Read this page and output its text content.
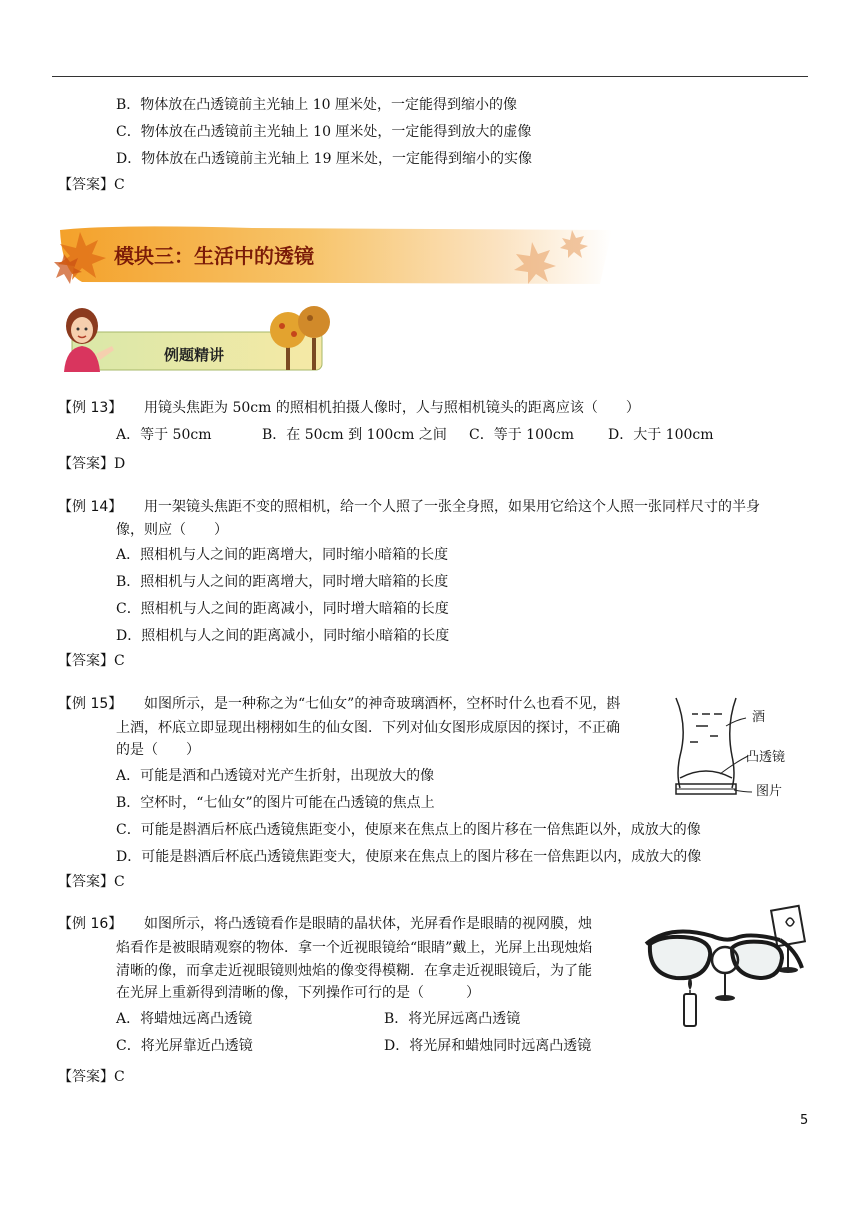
B．物体放在凸透镜前主光轴上 10 厘米处，一定能得到缩小的像
C．物体放在凸透镜前主光轴上 10 厘米处，一定能得到放大的虚像
D．物体放在凸透镜前主光轴上 19 厘米处，一定能得到缩小的实像
【答案】C
模块三：生活中的透镜
例题精讲
【例 13】 用镜头焦距为 50cm 的照相机拍摄人像时，人与照相机镜头的距离应该（　　）
A．等于 50cm	B．在 50cm 到 100cm 之间 C．等于 100cm D．大于 100cm
【答案】D
【例 14】 用一架镜头焦距不变的照相机，给一个人照了一张全身照，如果用它给这个人照一张同样尺寸的半身
像，则应（　　）
A．照相机与人之间的距离增大，同时缩小暗箱的长度
B．照相机与人之间的距离增大，同时增大暗箱的长度
C．照相机与人之间的距离减小，同时增大暗箱的长度
D．照相机与人之间的距离减小，同时缩小暗箱的长度
【答案】C
【例 15】 如图所示，是一种称之为“七仙女”的神奇玻璃酒杯，空杯时什么也看不见，斟
上酒，杯底立即显现出栩栩如生的仙女图．下列对仙女图形成原因的探讨，不正确
的是（　　）
A．可能是酒和凸透镜对光产生折射，出现放大的像
B．空杯时，“七仙女”的图片可能在凸透镜的焦点上
C．可能是斟酒后杯底凸透镜焦距变小，使原来在焦点上的图片移在一倍焦距以外，成放大的像
D．可能是斟酒后杯底凸透镜焦距变大，使原来在焦点上的图片移在一倍焦距以内，成放大的像
【答案】C
酒
凸透镜
图片
【例 16】 如图所示，将凸透镜看作是眼睛的晶状体，光屏看作是眼睛的视网膜，烛
焰看作是被眼睛观察的物体．拿一个近视眼镜给“眼睛”戴上，光屏上出现烛焰
清晰的像，而拿走近视眼镜则烛焰的像变得模糊．在拿走近视眼镜后，为了能
在光屏上重新得到清晰的像，下列操作可行的是（　　　）
A．将蜡烛远离凸透镜	B．将光屏远离凸透镜
C．将光屏靠近凸透镜	D．将光屏和蜡烛同时远离凸透镜
【答案】C
5
